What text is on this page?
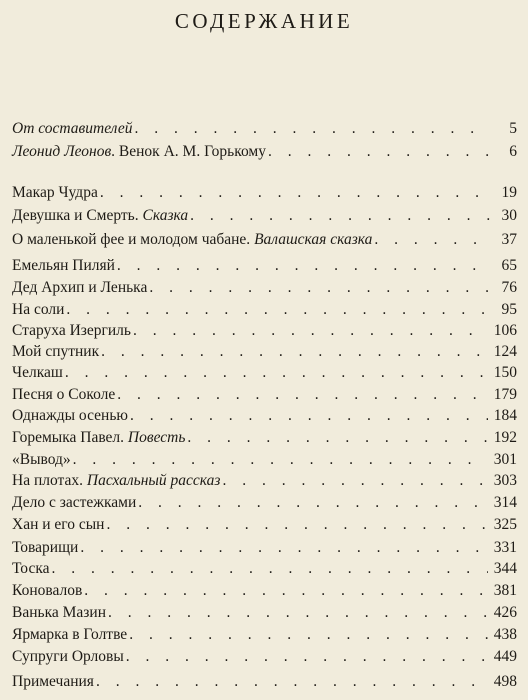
СОДЕРЖАНИЕ
От составителей . . .	5
Леонид Леонов. Венок А. М. Горькому . . .	6
Макар Чудра . . .	19
Девушка и Смерть. Сказка . . .	30
О маленькой фее и молодом чабане. Валашская сказка . . .	37
Емельян Пиляй . . .	65
Дед Архип и Ленька . . .	76
На соли . . .	95
Старуха Изергиль . . .	106
Мой спутник . . .	124
Челкаш . . .	150
Песня о Соколе . . .	179
Однажды осенью . . .	184
Горемыка Павел. Повесть . . .	192
«Вывод» . . .	301
На плотах. Пасхальный рассказ . . .	303
Дело с застежками . . .	314
Хан и его сын . . .	325
Товарищи . . .	331
Тоска . . .	344
Коновалов . . .	381
Ванька Мазин . . .	426
Ярмарка в Голтве . . .	438
Супруги Орловы . . .	449
Примечания . . .	498
